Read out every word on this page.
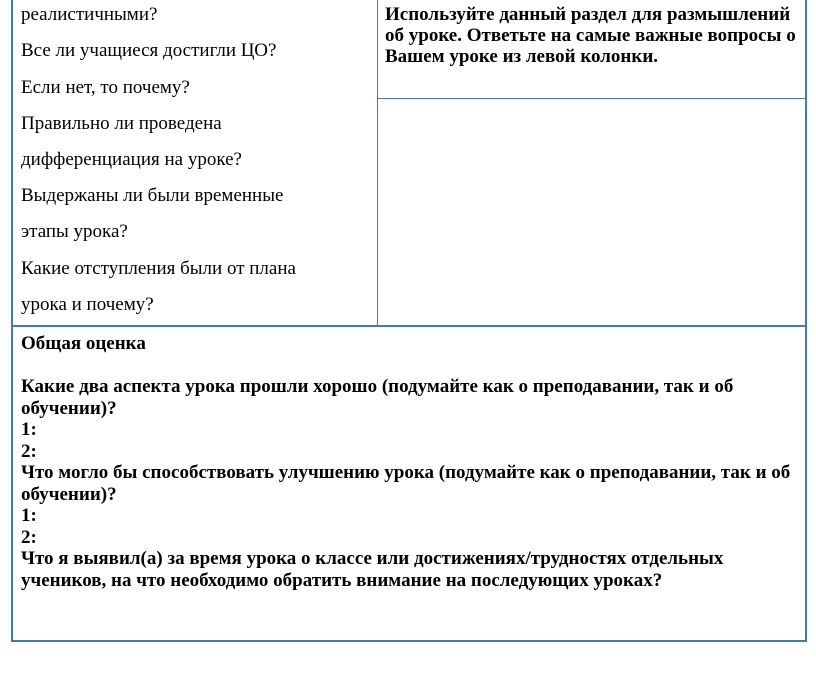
реалистичными?
Все ли учащиеся достигли ЦО?
Если нет, то почему?
Правильно ли проведена
дифференциация на уроке?
Выдержаны ли были временные
этапы урока?
Какие отступления были от плана
урока и почему?
Используйте данный раздел для размышлений об уроке. Ответьте на самые важные вопросы о Вашем уроке из левой колонки.
Общая оценка
Какие два аспекта урока прошли хорошо (подумайте как о преподавании, так и об обучении)?
1:
2:
Что могло бы способствовать улучшению урока (подумайте как о преподавании, так и об обучении)?
1:
2:
Что я выявил(а) за время урока о классе или достижениях/трудностях отдельных учеников, на что необходимо обратить внимание на последующих уроках?
